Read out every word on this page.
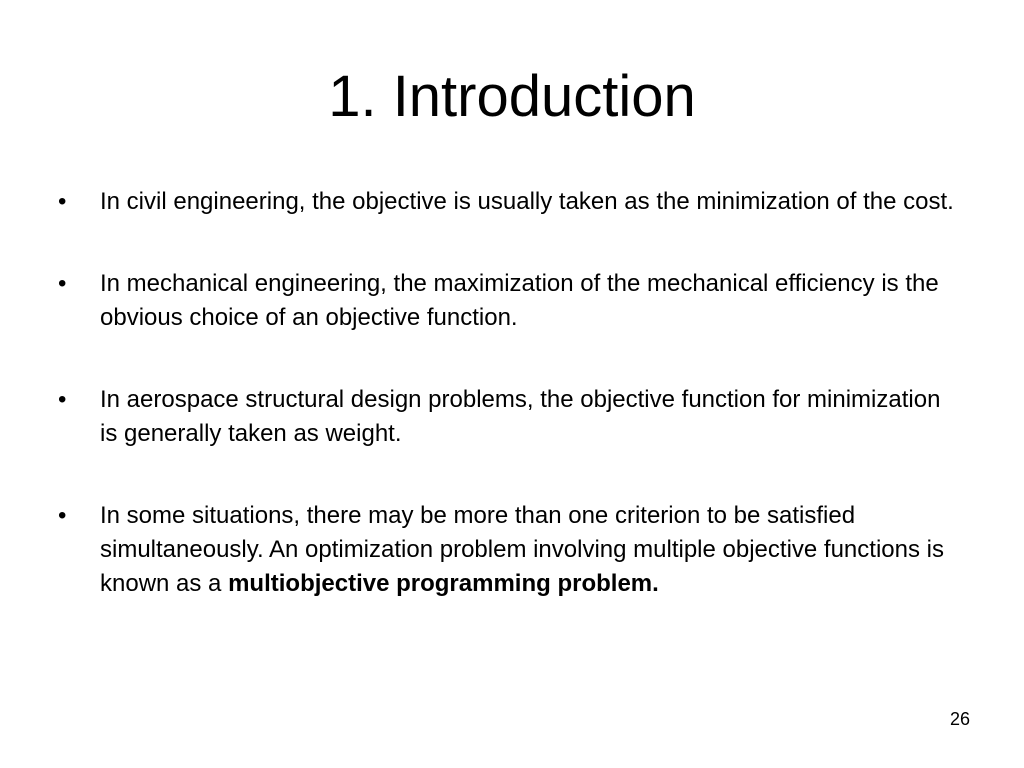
1. Introduction
•	In civil engineering, the objective is usually taken as the minimization of the cost.
•	In mechanical engineering, the maximization of the mechanical efficiency is the obvious choice of an objective function.
•	In aerospace structural design problems, the objective function for minimization is generally taken as weight.
•	In some situations, there may be more than one criterion to be satisfied simultaneously. An optimization problem involving multiple objective functions is known as a multiobjective programming problem.
26
